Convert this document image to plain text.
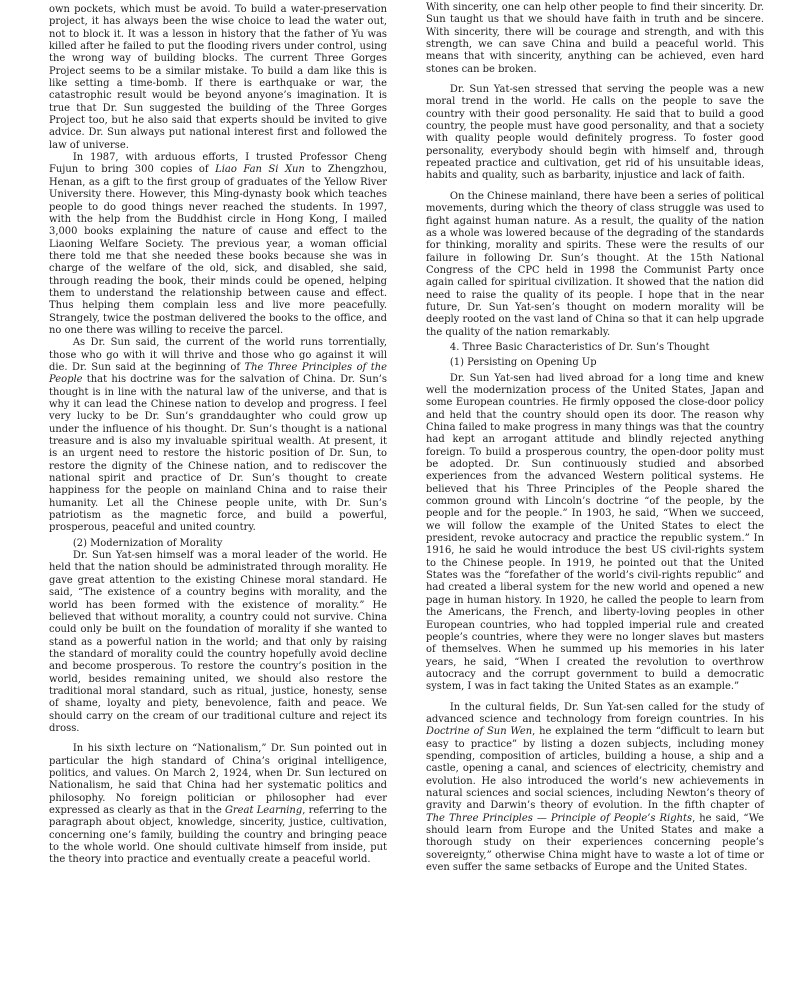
own pockets, which must be avoid. To build a water-preservation project, it has always been the wise choice to lead the water out, not to block it. It was a lesson in history that the father of Yu was killed after he failed to put the flooding rivers under control, using the wrong way of building blocks. The current Three Gorges Project seems to be a similar mistake. To build a dam like this is like setting a time-bomb. If there is earthquake or war, the catastrophic result would be beyond anyone’s imagination. It is true that Dr. Sun suggested the building of the Three Gorges Project too, but he also said that experts should be invited to give advice. Dr. Sun always put national interest first and followed the law of universe.

In 1987, with arduous efforts, I trusted Professor Cheng Fujun to bring 300 copies of Liao Fan Si Xun to Zhengzhou, Henan, as a gift to the first group of graduates of the Yellow River University there. However, this Ming-dynasty book which teaches people to do good things never reached the students. In 1997, with the help from the Buddhist circle in Hong Kong, I mailed 3,000 books explaining the nature of cause and effect to the Liaoning Welfare Society. The previous year, a woman official there told me that she needed these books because she was in charge of the welfare of the old, sick, and disabled, she said, through reading the book, their minds could be opened, helping them to understand the relationship between cause and effect. Thus helping them complain less and live more peacefully. Strangely, twice the postman delivered the books to the office, and no one there was willing to receive the parcel.

As Dr. Sun said, the current of the world runs torrentially, those who go with it will thrive and those who go against it will die. Dr. Sun said at the beginning of The Three Principles of the People that his doctrine was for the salvation of China. Dr. Sun’s thought is in line with the natural law of the universe, and that is why it can lead the Chinese nation to develop and progress. I feel very lucky to be Dr. Sun’s granddaughter who could grow up under the influence of his thought. Dr. Sun’s thought is a national treasure and is also my invaluable spiritual wealth. At present, it is an urgent need to restore the historic position of Dr. Sun, to restore the dignity of the Chinese nation, and to rediscover the national spirit and practice of Dr. Sun’s thought to create happiness for the people on mainland China and to raise their humanity. Let all the Chinese people unite, with Dr. Sun’s patriotism as the magnetic force, and build a powerful, prosperous, peaceful and united country.

(2) Modernization of Morality

Dr. Sun Yat-sen himself was a moral leader of the world. He held that the nation should be administrated through morality. He gave great attention to the existing Chinese moral standard. He said, “The existence of a country begins with morality, and the world has been formed with the existence of morality.” He believed that without morality, a country could not survive. China could only be built on the foundation of morality if she wanted to stand as a powerful nation in the world; and that only by raising the standard of morality could the country hopefully avoid decline and become prosperous. To restore the country’s position in the world, besides remaining united, we should also restore the traditional moral standard, such as ritual, justice, honesty, sense of shame, loyalty and piety, benevolence, faith and peace. We should carry on the cream of our traditional culture and reject its dross.

In his sixth lecture on “Nationalism,” Dr. Sun pointed out in particular the high standard of China’s original intelligence, politics, and values. On March 2, 1924, when Dr. Sun lectured on Nationalism, he said that China had her systematic politics and philosophy. No foreign politician or philosopher had ever expressed as clearly as that in the Great Learning, referring to the paragraph about object, knowledge, sincerity, justice, cultivation, concerning one’s family, building the country and bringing peace to the whole world. One should cultivate himself from inside, put the theory into practice and eventually create a peaceful world.

With sincerity, one can help other people to find their sincerity. Dr. Sun taught us that we should have faith in truth and be sincere. With sincerity, there will be courage and strength, and with this strength, we can save China and build a peaceful world. This means that with sincerity, anything can be achieved, even hard stones can be broken.

Dr. Sun Yat-sen stressed that serving the people was a new moral trend in the world. He calls on the people to save the country with their good personality. He said that to build a good country, the people must have good personality, and that a society with quality people would definitely progress. To foster good personality, everybody should begin with himself and, through repeated practice and cultivation, get rid of his unsuitable ideas, habits and quality, such as barbarity, injustice and lack of faith.

On the Chinese mainland, there have been a series of political movements, during which the theory of class struggle was used to fight against human nature. As a result, the quality of the nation as a whole was lowered because of the degrading of the standards for thinking, morality and spirits. These were the results of our failure in following Dr. Sun’s thought. At the 15th National Congress of the CPC held in 1998 the Communist Party once again called for spiritual civilization. It showed that the nation did need to raise the quality of its people. I hope that in the near future, Dr. Sun Yat-sen’s thought on modern morality will be deeply rooted on the vast land of China so that it can help upgrade the quality of the nation remarkably.

4. Three Basic Characteristics of Dr. Sun’s Thought

(1) Persisting on Opening Up

Dr. Sun Yat-sen had lived abroad for a long time and knew well the modernization process of the United States, Japan and some European countries. He firmly opposed the close-door policy and held that the country should open its door. The reason why China failed to make progress in many things was that the country had kept an arrogant attitude and blindly rejected anything foreign. To build a prosperous country, the open-door polity must be adopted. Dr. Sun continuously studied and absorbed experiences from the advanced Western political systems. He believed that his Three Principles of the People shared the common ground with Lincoln’s doctrine “of the people, by the people and for the people.” In 1903, he said, “When we succeed, we will follow the example of the United States to elect the president, revoke autocracy and practice the republic system.” In 1916, he said he would introduce the best US civil-rights system to the Chinese people. In 1919, he pointed out that the United States was the “forefather of the world’s civil-rights republic” and had created a liberal system for the new world and opened a new page in human history. In 1920, he called the people to learn from the Americans, the French, and liberty-loving peoples in other European countries, who had toppled imperial rule and created people’s countries, where they were no longer slaves but masters of themselves. When he summed up his memories in his later years, he said, “When I created the revolution to overthrow autocracy and the corrupt government to build a democratic system, I was in fact taking the United States as an example.”

In the cultural fields, Dr. Sun Yat-sen called for the study of advanced science and technology from foreign countries. In his Doctrine of Sun Wen, he explained the term “difficult to learn but easy to practice” by listing a dozen subjects, including money spending, composition of articles, building a house, a ship and a castle, opening a canal, and sciences of electricity, chemistry and evolution. He also introduced the world’s new achievements in natural sciences and social sciences, including Newton’s theory of gravity and Darwin’s theory of evolution. In the fifth chapter of The Three Principles — Principle of People’s Rights, he said, “We should learn from Europe and the United States and make a thorough study on their experiences concerning people’s sovereignty,” otherwise China might have to waste a lot of time or even suffer the same setbacks of Europe and the United States.
